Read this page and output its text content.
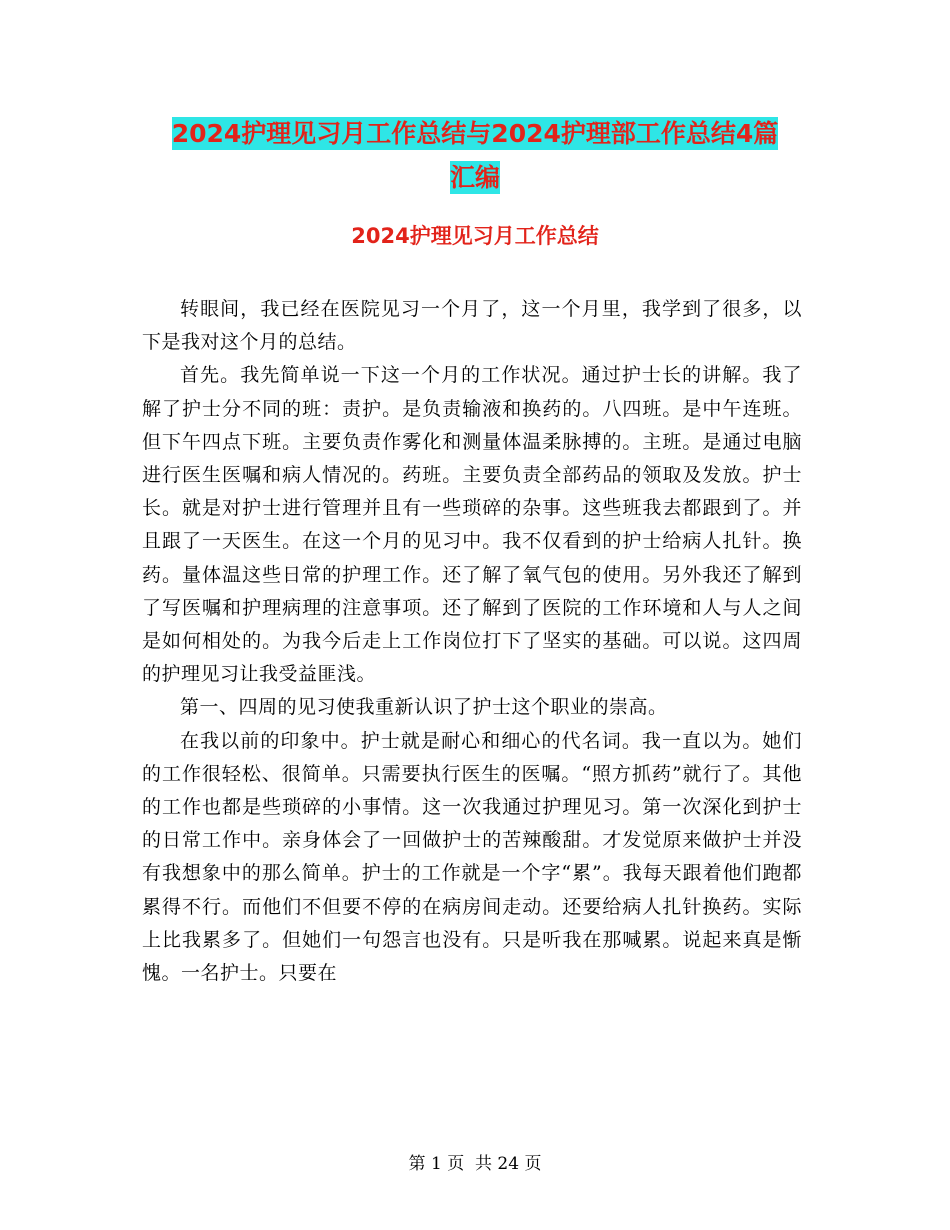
2024护理见习月工作总结与2024护理部工作总结4篇
汇编
2024护理见习月工作总结

转眼间，我已经在医院见习一个月了，这一个月里，我学到了很多，以下是我对这个月的总结。

首先。我先简单说一下这一个月的工作状况。通过护士长的讲解。我了解了护士分不同的班：责护。是负责输液和换药的。八四班。是中午连班。但下午四点下班。主要负责作雾化和测量体温柔脉搏的。主班。是通过电脑进行医生医嘱和病人情况的。药班。主要负责全部药品的领取及发放。护士长。就是对护士进行管理并且有一些琐碎的杂事。这些班我去都跟到了。并且跟了一天医生。在这一个月的见习中。我不仅看到的护士给病人扎针。换药。量体温这些日常的护理工作。还了解了氧气包的使用。另外我还了解到了写医嘱和护理病理的注意事项。还了解到了医院的工作环境和人与人之间是如何相处的。为我今后走上工作岗位打下了坚实的基础。可以说。这四周的护理见习让我受益匪浅。

第一、四周的见习使我重新认识了护士这个职业的崇高。

在我以前的印象中。护士就是耐心和细心的代名词。我一直以为。她们的工作很轻松、很简单。只需要执行医生的医嘱。“照方抓药”就行了。其他的工作也都是些琐碎的小事情。这一次我通过护理见习。第一次深化到护士的日常工作中。亲身体会了一回做护士的苦辣酸甜。才发觉原来做护士并没有我想象中的那么简单。护士的工作就是一个字“累”。我每天跟着他们跑都累得不行。而他们不但要不停的在病房间走动。还要给病人扎针换药。实际上比我累多了。但她们一句怨言也没有。只是听我在那喊累。说起来真是惭愧。一名护士。只要在

第 1 页  共 24 页
